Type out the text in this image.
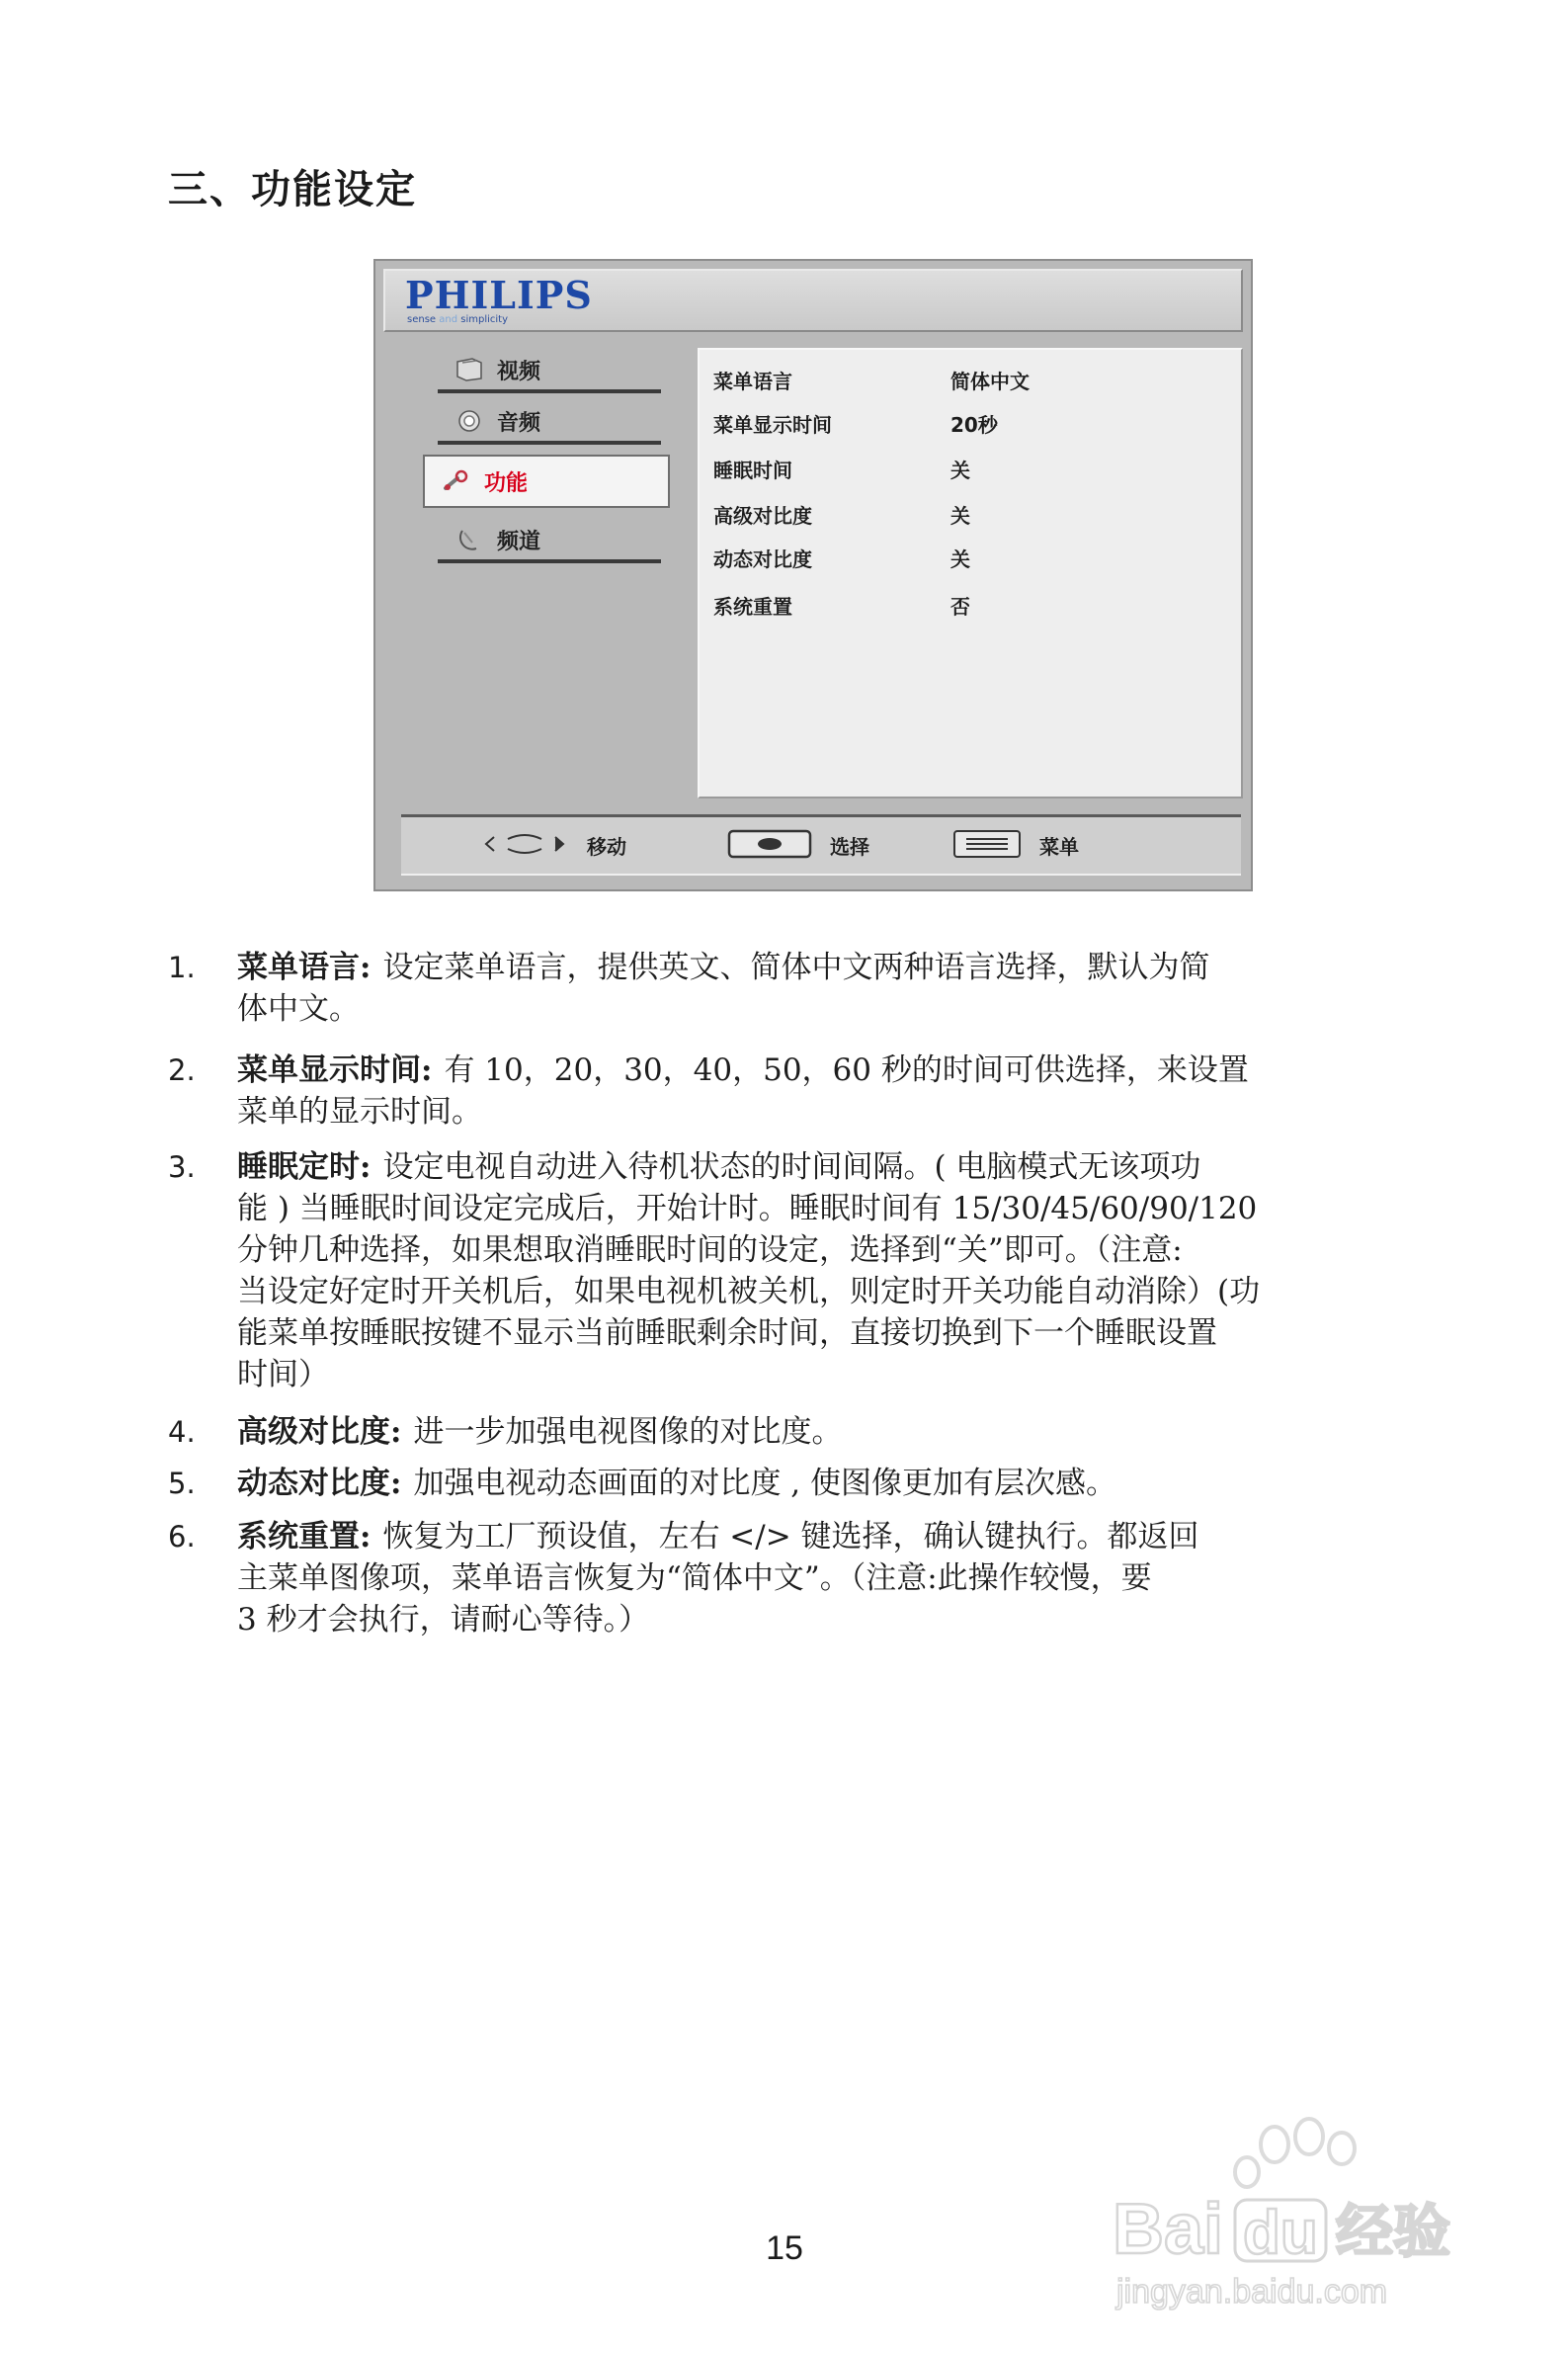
三、功能设定
PHILIPS
sense and simplicity
视频
音频
功能
频道
菜单语言	简体中文
菜单显示时间	20秒
睡眠时间	关
高级对比度	关
动态对比度	关
系统重置	否
移动	选择	菜单
1.	菜单语言: 设定菜单语言，提供英文、简体中文两种语言选择，默认为简
体中文。
2.	菜单显示时间: 有 10，20，30，40，50，60 秒的时间可供选择，来设置
菜单的显示时间。
3.	睡眠定时: 设定电视自动进入待机状态的时间间隔。( 电脑模式无该项功
能 ) 当睡眠时间设定完成后，开始计时。睡眠时间有 15/30/45/60/90/120
分钟几种选择，如果想取消睡眠时间的设定，选择到“关”即可。（注意:
当设定好定时开关机后，如果电视机被关机，则定时开关功能自动消除）(功
能菜单按睡眠按键不显示当前睡眠剩余时间，直接切换到下一个睡眠设置
时间）
4.	高级对比度: 进一步加强电视图像的对比度。
5.	动态对比度: 加强电视动态画面的对比度 , 使图像更加有层次感。
6.	系统重置: 恢复为工厂预设值，左右 </> 键选择，确认键执行。都返回
主菜单图像项，菜单语言恢复为“简体中文”。（注意:此操作较慢，要
3 秒才会执行，请耐心等待。）
15	Bai du 经验
jingyan.baidu.com
